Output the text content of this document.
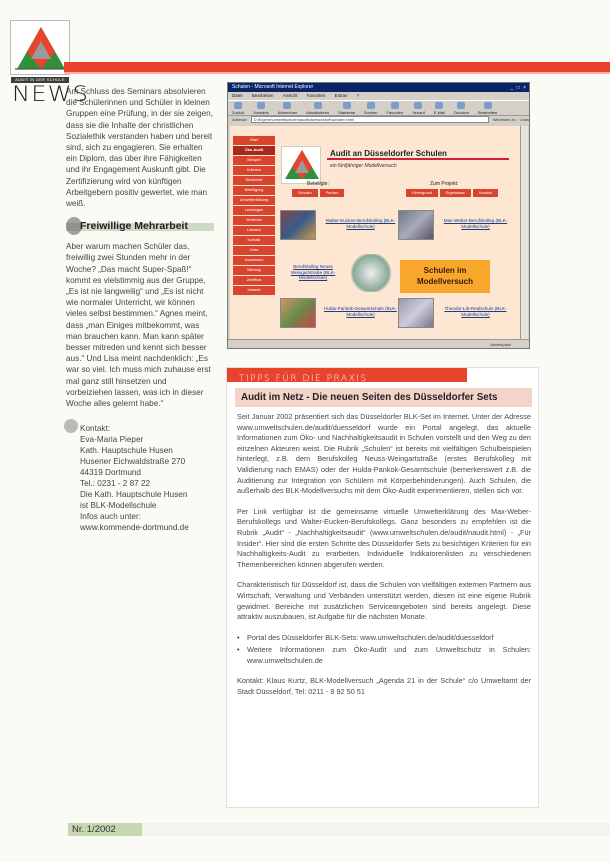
AUDIT IN DER SCHULE
NEWS

Am Schluss des Seminars absolvieren die Schülerinnen und Schüler in kleinen Gruppen eine Prüfung, in der sie zeigen, dass sie die Inhalte der christlichen Sozialethik verstanden haben und bereit sind, sich zu engagieren. Sie erhalten ein Diplom, das über ihre Fähigkeiten und ihr Engagement Auskunft gibt. Die Zertifizierung wird von künftigen Arbeitgebern positiv gewertet, wie man weiß.

Freiwillige Mehrarbeit

Aber warum machen Schüler das, freiwillig zwei Stunden mehr in der Woche? „Das macht Super-Spaß!“ kommt es vielstimmig aus der Gruppe, „Es ist nie langweilig“ und „Es ist nicht wie normaler Unterricht, wir können vieles selbst bestimmen.“ Agnes meint, dass „man Einiges mitbekommt, was man brauchen kann. Man kann später besser mitreden und kennt sich besser aus.“ Und Lisa meint nachdenklich: „Es war so viel. Ich muss mich zuhause erst mal ganz still hinsetzen und vorbeiziehen lassen, was ich in dieser Woche alles gelernt habe.“

Kontakt:
Eva-Maria Pieper
Kath. Hauptschule Husen
Husener Eichwaldstraße 270
44319 Dortmund
Tel.: 0231 - 2 87 22
Die Kath. Hauptschule Husen
ist BLK-Modellschule
Infos auch unter:
www.kommende-dortmund.de
Schulen - Microsoft Internet Explorer	_ □ ×
Datei Bearbeiten Ansicht Favoriten Extras ?
Zurück Vorwärts Abbrechen Aktualisieren Startseite Suchen Favoriten Verlauf E-Mail Drucken Bearbeiten
Adresse	D:\Eigene\umweltschulen\audit\duesseldorf\schulen.html	Wechseln zu Links
Start
Öko-Audit
Beispiel
Kriterien
Sicherheit
Beteiligung
Umwelterklärung
Leistungen
Verfahren
Literatur
Kontakt
Links
Impressum
Sitemap
Zertifikat
Intranet
Audit an Düsseldorfer Schulen
ein fünfjähriger Modellversuch
Beteiligte:	Zum Projekt:
Schulen	Partner	Hintergrund	Ergebnisse	Kontakt
Walter-Eucken-Berufskolleg (BLK-Modellschule)
Max-Weber-Berufskolleg (BLK-Modellschule)
Berufskolleg Neuss Weingartstraße (BLK-Modellschule)
Schulen im Modellversuch
Hulda-Pankok-Gesamtschule (BLK-Modellschule)
Theodor-Litt-Realschule (BLK-Modellschule)
Arbeitsplatz
TIPPS FÜR DIE PRAXIS
Audit im Netz - Die neuen Seiten des Düsseldorfer Sets

Seit Januar 2002 präsentiert sich das Düsseldorfer BLK-Set im Internet. Unter der Adresse www.umweltschulen.de/audit/duesseldorf wurde ein Portal angelegt, das aktuelle Informationen zum Öko- und Nachhaltigkeitsaudit in Schulen vorstellt und den Weg zu den einzelnen Akteuren weist. Die Rubrik „Schulen“ ist bereits mit vielfältigen Schulbeispielen hinterlegt, z.B. dem Berufskolleg Neuss-Weingartstraße (erstes Berufskolleg mit Validierung nach EMAS) oder der Hulda-Pankok-Gesamtschule (bemerkenswert z.B. die Auditierung zur Integration von Schülern mit Körperbehinderungen). Auch Schulen, die außerhalb des BLK-Modellversuchs mit dem Öko-Audit experimentieren, stellen sich vor.

Per Link verfügbar ist die gemeinsame virtuelle Umwelterklärung des Max-Weber-Berufskollegs und Walter-Eucken-Berufskollegs. Ganz besonders zu empfehlen ist die Rubrik „Audit“ - „Nachhaltigkeitsaudit“ (www.umweltschulen.de/audit/naudit.html) - „Für Insider“. Hier sind die ersten Schritte des Düsseldorfer Sets zu besichtigen Kriterien für ein Nachhaltigkeits-Audit zu erarbeiten. Individuelle Indikatorenlisten zu verschiedenen Themenbereichen können abgerufen werden.

Charakteristisch für Düsseldorf ist, dass die Schulen von vielfältigen externen Partnern aus Wirtschaft, Verwaltung und Verbänden unterstützt werden, diesen ist eine eigene Rubrik gewidmet. Bereiche mit zusätzlichen Serviceangeboten sind bereits angelegt. Diese attraktiv auszubauen, ist Aufgabe für die nächsten Monate.

• Portal des Düsseldorfer BLK-Sets: www.umweltschulen.de/audit/duesseldorf
• Weitere Informationen zum Öko-Audit und zum Umweltschutz in Schulen: www.umweltschulen.de

Kontakt: Klaus Kurtz, BLK-Modellversuch „Agenda 21 in der Schule“ c/o Umweltamt der Stadt Düsseldorf, Tel: 0211 - 8 92 50 51

Nr. 1/2002
